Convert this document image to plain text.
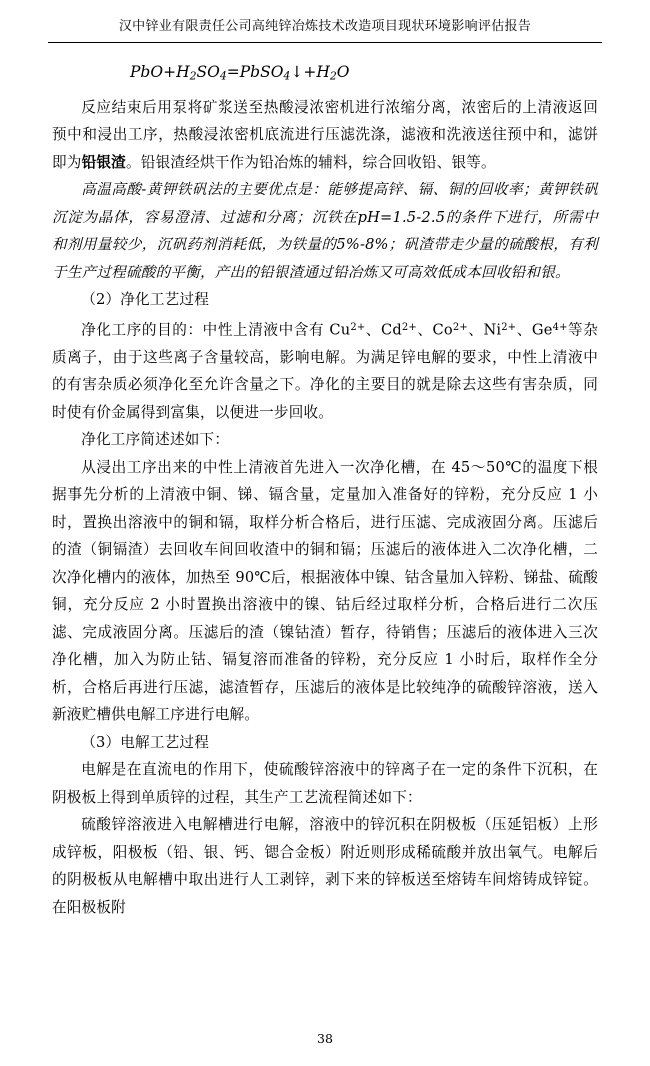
汉中锌业有限责任公司高纯锌冶炼技术改造项目现状环境影响评估报告
$PbO+H_2SO_4=PbSO_4↓+H_2O$

反应结束后用泵将矿浆送至热酸浸浓密机进行浓缩分离，浓密后的上清液返回预中和浸出工序，热酸浸浓密机底流进行压滤洗涤，滤液和洗液送往预中和，滤饼即为铅银渣。铅银渣经烘干作为铅冶炼的辅料，综合回收铅、银等。

高温高酸-黄钾铁矾法的主要优点是：能够提高锌、镉、铜的回收率；黄钾铁矾沉淀为晶体，容易澄清、过滤和分离；沉铁在pH=1.5-2.5的条件下进行，所需中和剂用量较少，沉矾药剂消耗低，为铁量的5%-8%；矾渣带走少量的硫酸根，有利于生产过程硫酸的平衡，产出的铅银渣通过铅冶炼又可高效低成本回收铅和银。

（2）净化工艺过程

净化工序的目的：中性上清液中含有 $Cu^{2+}$、$Cd^{2+}$、$Co^{2+}$、$Ni^{2+}$、$Ge^{4+}$等杂质离子，由于这些离子含量较高，影响电解。为满足锌电解的要求，中性上清液中的有害杂质必须净化至允许含量之下。净化的主要目的就是除去这些有害杂质，同时使有价金属得到富集，以便进一步回收。

净化工序简述述如下：

从浸出工序出来的中性上清液首先进入一次净化槽，在 45～50℃的温度下根据事先分析的上清液中铜、锑、镉含量，定量加入准备好的锌粉，充分反应 1 小时，置换出溶液中的铜和镉，取样分析合格后，进行压滤、完成液固分离。压滤后的渣（铜镉渣）去回收车间回收渣中的铜和镉；压滤后的液体进入二次净化槽，二次净化槽内的液体，加热至 90℃后，根据液体中镍、钴含量加入锌粉、锑盐、硫酸铜，充分反应 2 小时置换出溶液中的镍、钴后经过取样分析，合格后进行二次压滤、完成液固分离。压滤后的渣（镍钴渣）暂存，待销售；压滤后的液体进入三次净化槽，加入为防止钴、镉复溶而准备的锌粉，充分反应 1 小时后，取样作全分析，合格后再进行压滤，滤渣暂存，压滤后的液体是比较纯净的硫酸锌溶液，送入新液贮槽供电解工序进行电解。

（3）电解工艺过程

电解是在直流电的作用下，使硫酸锌溶液中的锌离子在一定的条件下沉积，在阴极板上得到单质锌的过程，其生产工艺流程简述如下：

硫酸锌溶液进入电解槽进行电解，溶液中的锌沉积在阴极板（压延铝板）上形成锌板，阳极板（铅、银、钙、锶合金板）附近则形成稀硫酸并放出氧气。电解后的阴极板从电解槽中取出进行人工剥锌，剥下来的锌板送至熔铸车间熔铸成锌锭。在阳极板附

38
